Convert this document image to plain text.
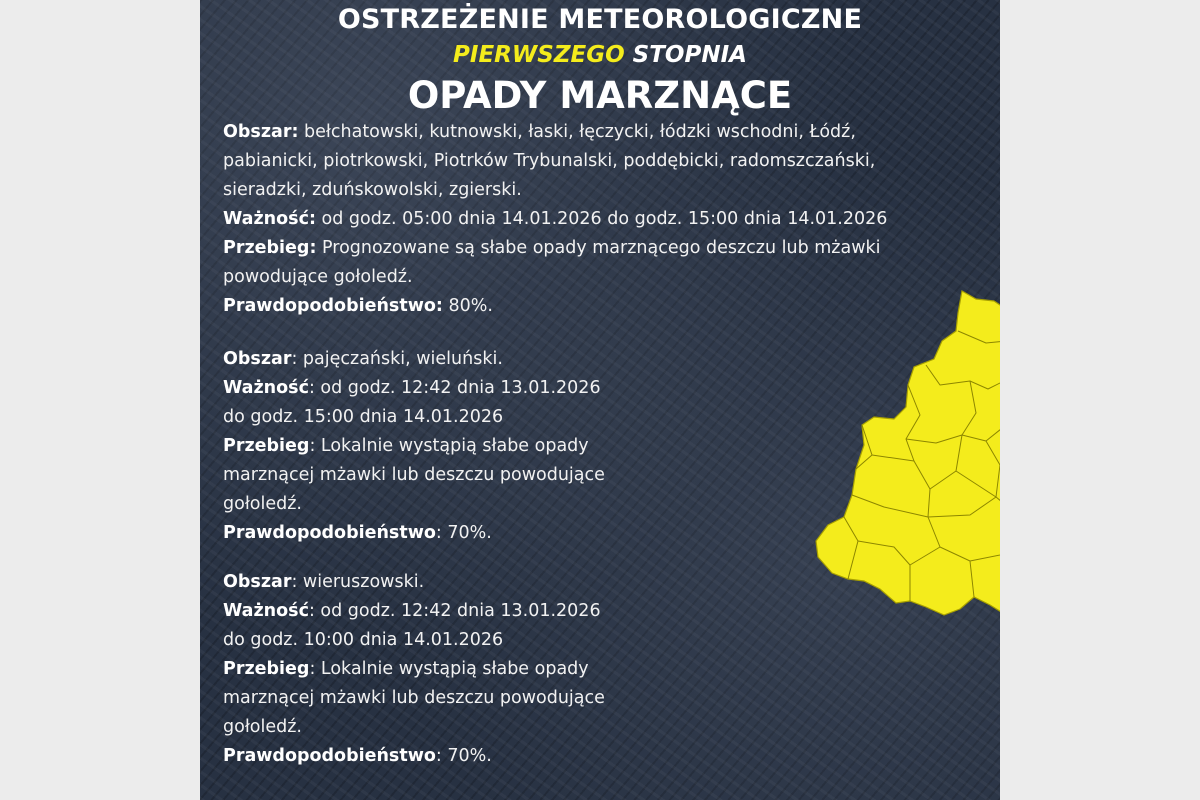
OSTRZEŻENIE METEOROLOGICZNE
PIERWSZEGO STOPNIA
OPADY MARZNĄCE
Obszar: bełchatowski, kutnowski, łaski, łęczycki, łódzki wschodni, Łódź,
pabianicki, piotrkowski, Piotrków Trybunalski, poddębicki, radomszczański,
sieradzki, zduńskowolski, zgierski.
Ważność: od godz. 05:00 dnia 14.01.2026 do godz. 15:00 dnia 14.01.2026
Przebieg: Prognozowane są słabe opady marznącego deszczu lub mżawki
powodujące gołoledź.
Prawdopodobieństwo: 80%.
Obszar: pajęczański, wieluński.
Ważność: od godz. 12:42 dnia 13.01.2026
do godz. 15:00 dnia 14.01.2026
Przebieg: Lokalnie wystąpią słabe opady
marznącej mżawki lub deszczu powodujące
gołoledź.
Prawdopodobieństwo: 70%.
Obszar: wieruszowski.
Ważność: od godz. 12:42 dnia 13.01.2026
do godz. 10:00 dnia 14.01.2026
Przebieg: Lokalnie wystąpią słabe opady
marznącej mżawki lub deszczu powodujące
gołoledź.
Prawdopodobieństwo: 70%.
ŁÓDZKI URZĄD WOJEWÓDZKI W ŁODZI
INSTYTUT METEOROLOGII I GOSPODARKI WODNEJ
IM
GW
